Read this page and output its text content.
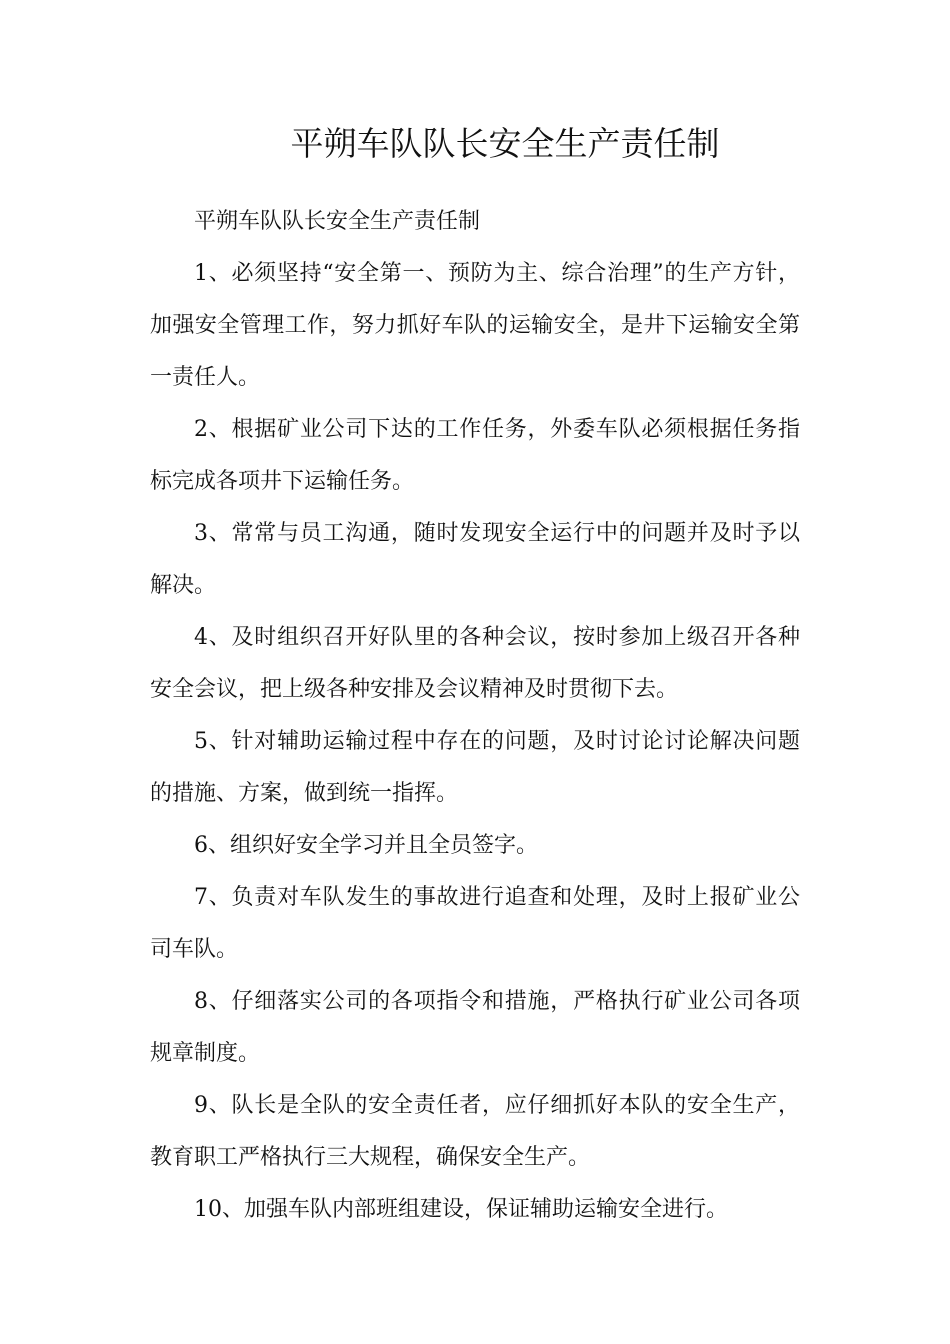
平朔车队队长安全生产责任制

平朔车队队长安全生产责任制

1、必须坚持“安全第一、预防为主、综合治理”的生产方针，加强安全管理工作，努力抓好车队的运输安全，是井下运输安全第一责任人。

2、根据矿业公司下达的工作任务，外委车队必须根据任务指标完成各项井下运输任务。

3、常常与员工沟通，随时发现安全运行中的问题并及时予以解决。

4、及时组织召开好队里的各种会议，按时参加上级召开各种安全会议，把上级各种安排及会议精神及时贯彻下去。

5、针对辅助运输过程中存在的问题，及时讨论讨论解决问题的措施、方案，做到统一指挥。

6、组织好安全学习并且全员签字。

7、负责对车队发生的事故进行追查和处理，及时上报矿业公司车队。

8、仔细落实公司的各项指令和措施，严格执行矿业公司各项规章制度。

9、队长是全队的安全责任者，应仔细抓好本队的安全生产，教育职工严格执行三大规程，确保安全生产。

10、加强车队内部班组建设，保证辅助运输安全进行。
